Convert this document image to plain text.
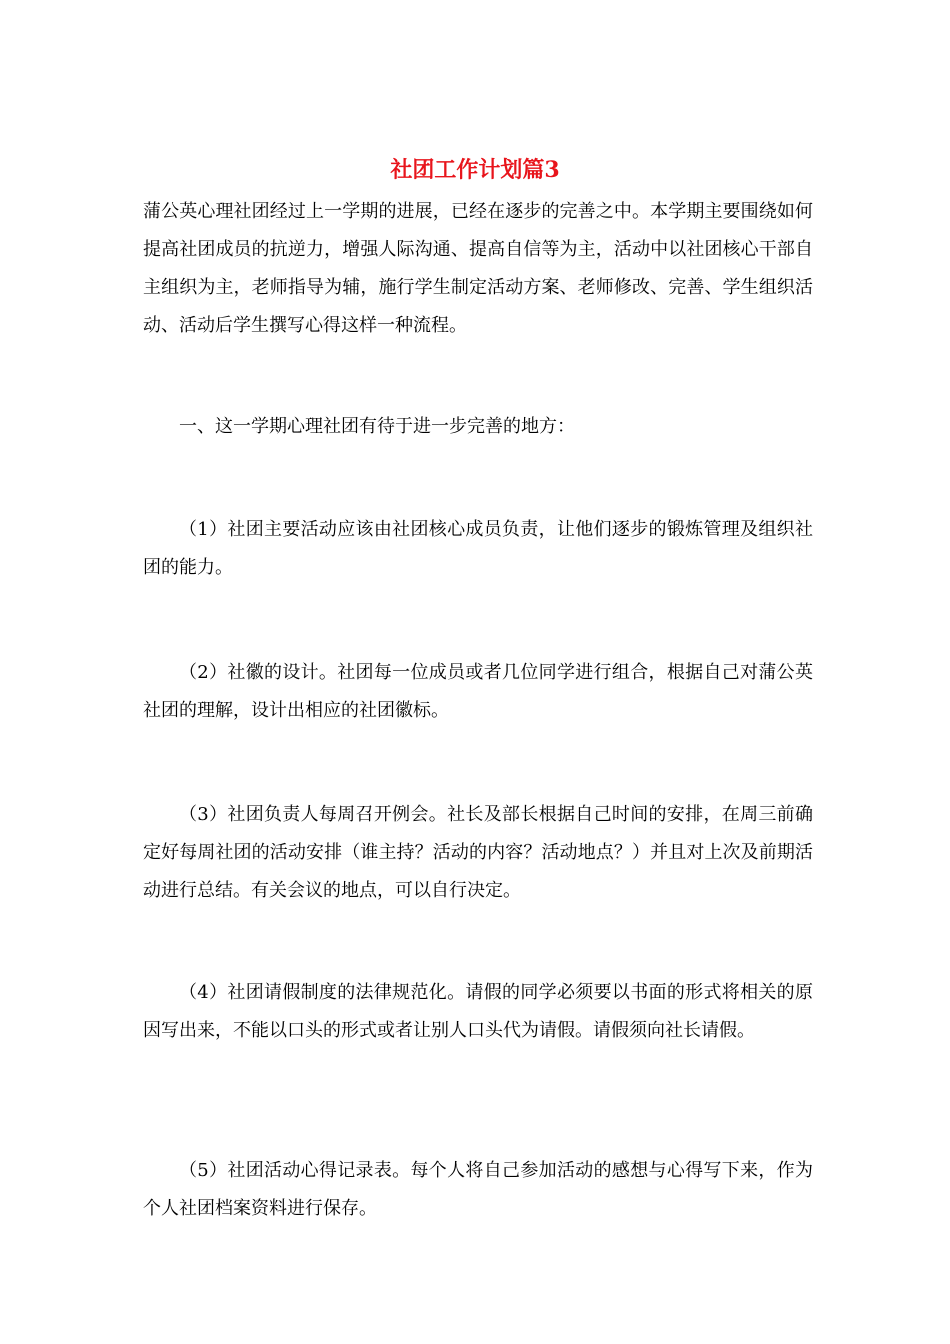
社团工作计划篇3
蒲公英心理社团经过上一学期的进展，已经在逐步的完善之中。本学期主要围绕如何提高社团成员的抗逆力，增强人际沟通、提高自信等为主，活动中以社团核心干部自主组织为主，老师指导为辅，施行学生制定活动方案、老师修改、完善、学生组织活动、活动后学生撰写心得这样一种流程。
一、这一学期心理社团有待于进一步完善的地方：
（1）社团主要活动应该由社团核心成员负责，让他们逐步的锻炼管理及组织社团的能力。
（2）社徽的设计。社团每一位成员或者几位同学进行组合，根据自己对蒲公英社团的理解，设计出相应的社团徽标。
（3）社团负责人每周召开例会。社长及部长根据自己时间的安排，在周三前确定好每周社团的活动安排（谁主持？活动的内容？活动地点？）并且对上次及前期活动进行总结。有关会议的地点，可以自行决定。
（4）社团请假制度的法律规范化。请假的同学必须要以书面的形式将相关的原因写出来，不能以口头的形式或者让别人口头代为请假。请假须向社长请假。
（5）社团活动心得记录表。每个人将自己参加活动的感想与心得写下来，作为个人社团档案资料进行保存。
